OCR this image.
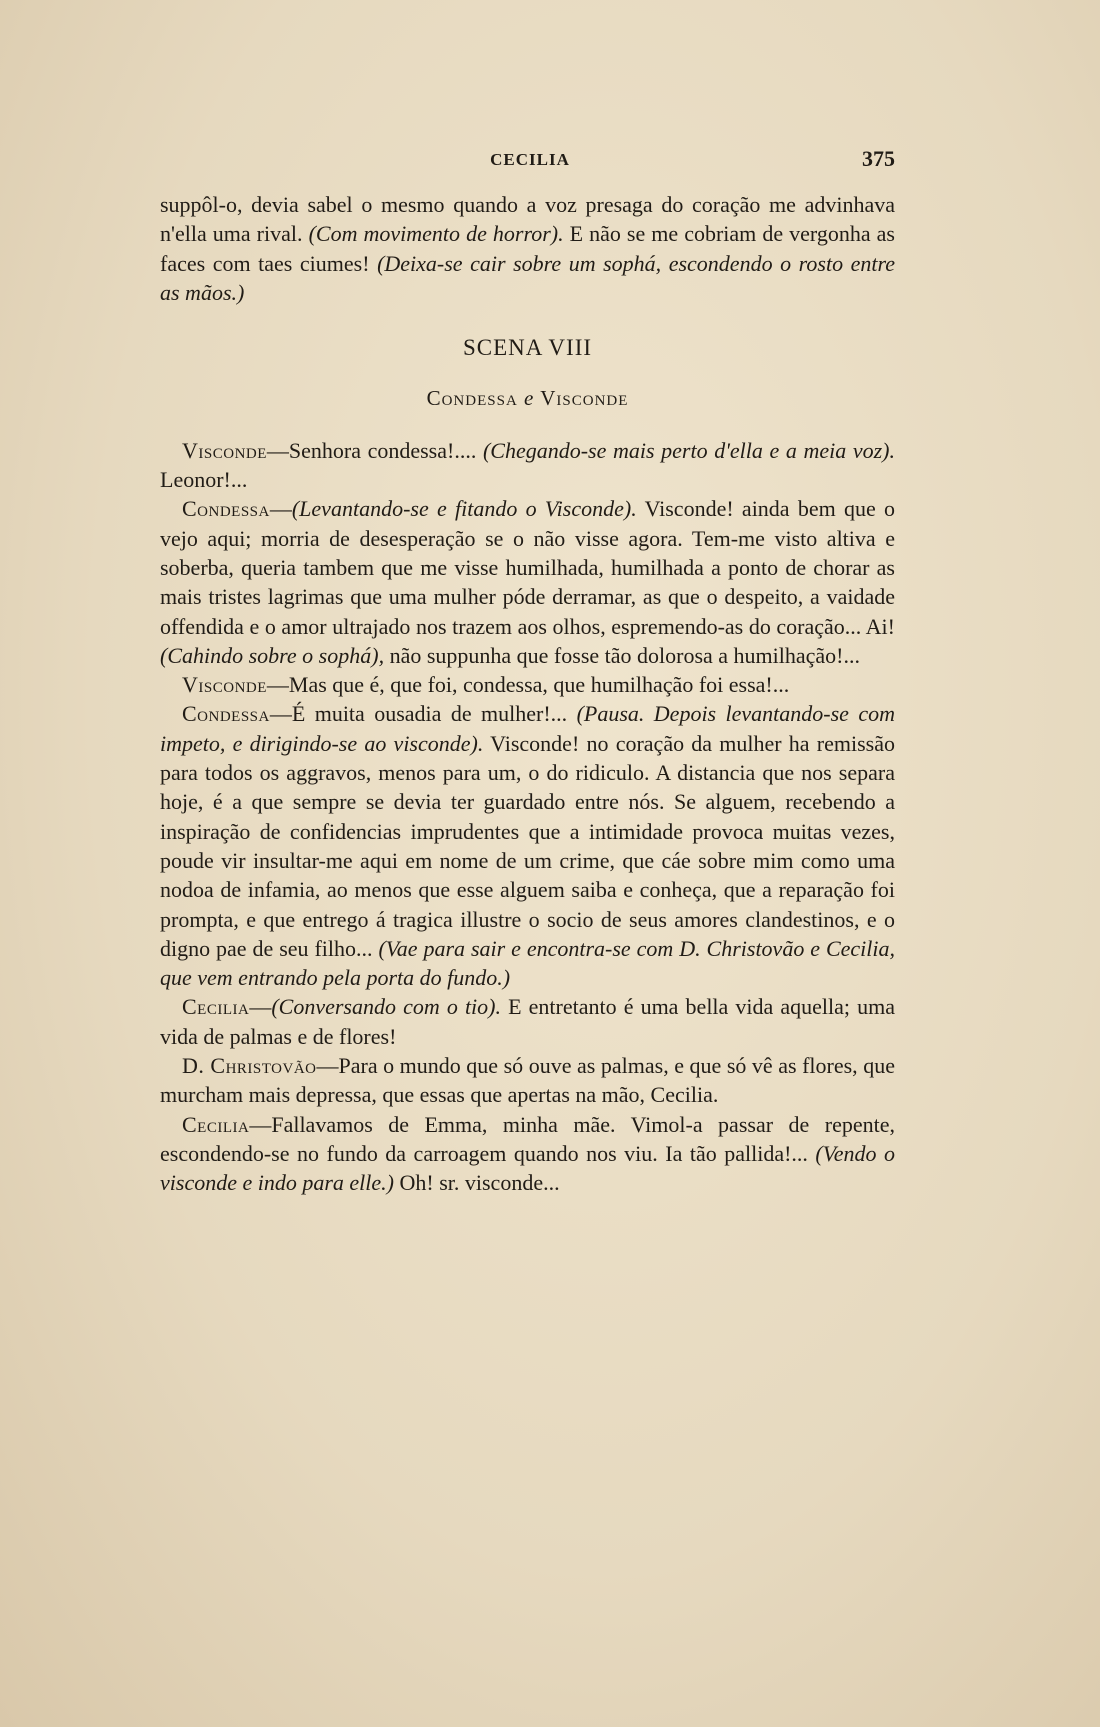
CECILIA	375

suppôl-o, devia sabel o mesmo quando a voz presaga do coração me advinhava n'ella uma rival. (Com movimento de horror). E não se me cobriam de vergonha as faces com taes ciumes! (Deixa-se cair sobre um sophá, escondendo o rosto entre as mãos.)

SCENA VIII
Condessa e Visconde

Visconde—Senhora condessa!.... (Chegando-se mais perto d'ella e a meia voz). Leonor!...

Condessa—(Levantando-se e fitando o Visconde). Visconde! ainda bem que o vejo aqui; morria de desesperação se o não visse agora. Tem-me visto altiva e soberba, queria tambem que me visse humilhada, humilhada a ponto de chorar as mais tristes lagrimas que uma mulher póde derramar, as que o despeito, a vaidade offendida e o amor ultrajado nos trazem aos olhos, espremendo-as do coração... Ai! (Cahindo sobre o sophá), não suppunha que fosse tão dolorosa a humilhação!...

Visconde—Mas que é, que foi, condessa, que humilhação foi essa!...

Condessa—É muita ousadia de mulher!... (Pausa. Depois levantando-se com impeto, e dirigindo-se ao visconde). Visconde! no coração da mulher ha remissão para todos os aggravos, menos para um, o do ridiculo. A distancia que nos separa hoje, é a que sempre se devia ter guardado entre nós. Se alguem, recebendo a inspiração de confidencias imprudentes que a intimidade provoca muitas vezes, poude vir insultar-me aqui em nome de um crime, que cáe sobre mim como uma nodoa de infamia, ao menos que esse alguem saiba e conheça, que a reparação foi prompta, e que entrego á tragica illustre o socio de seus amores clandestinos, e o digno pae de seu filho... (Vae para sair e encontra-se com D. Christovão e Cecilia, que vem entrando pela porta do fundo.)

Cecilia—(Conversando com o tio). E entretanto é uma bella vida aquella; uma vida de palmas e de flores!

D. Christovão—Para o mundo que só ouve as palmas, e que só vê as flores, que murcham mais depressa, que essas que apertas na mão, Cecilia.

Cecilia—Fallavamos de Emma, minha mãe. Vimol-a passar de repente, escondendo-se no fundo da carroagem quando nos viu. Ia tão pallida!... (Vendo o visconde e indo para elle.) Oh! sr. visconde...
